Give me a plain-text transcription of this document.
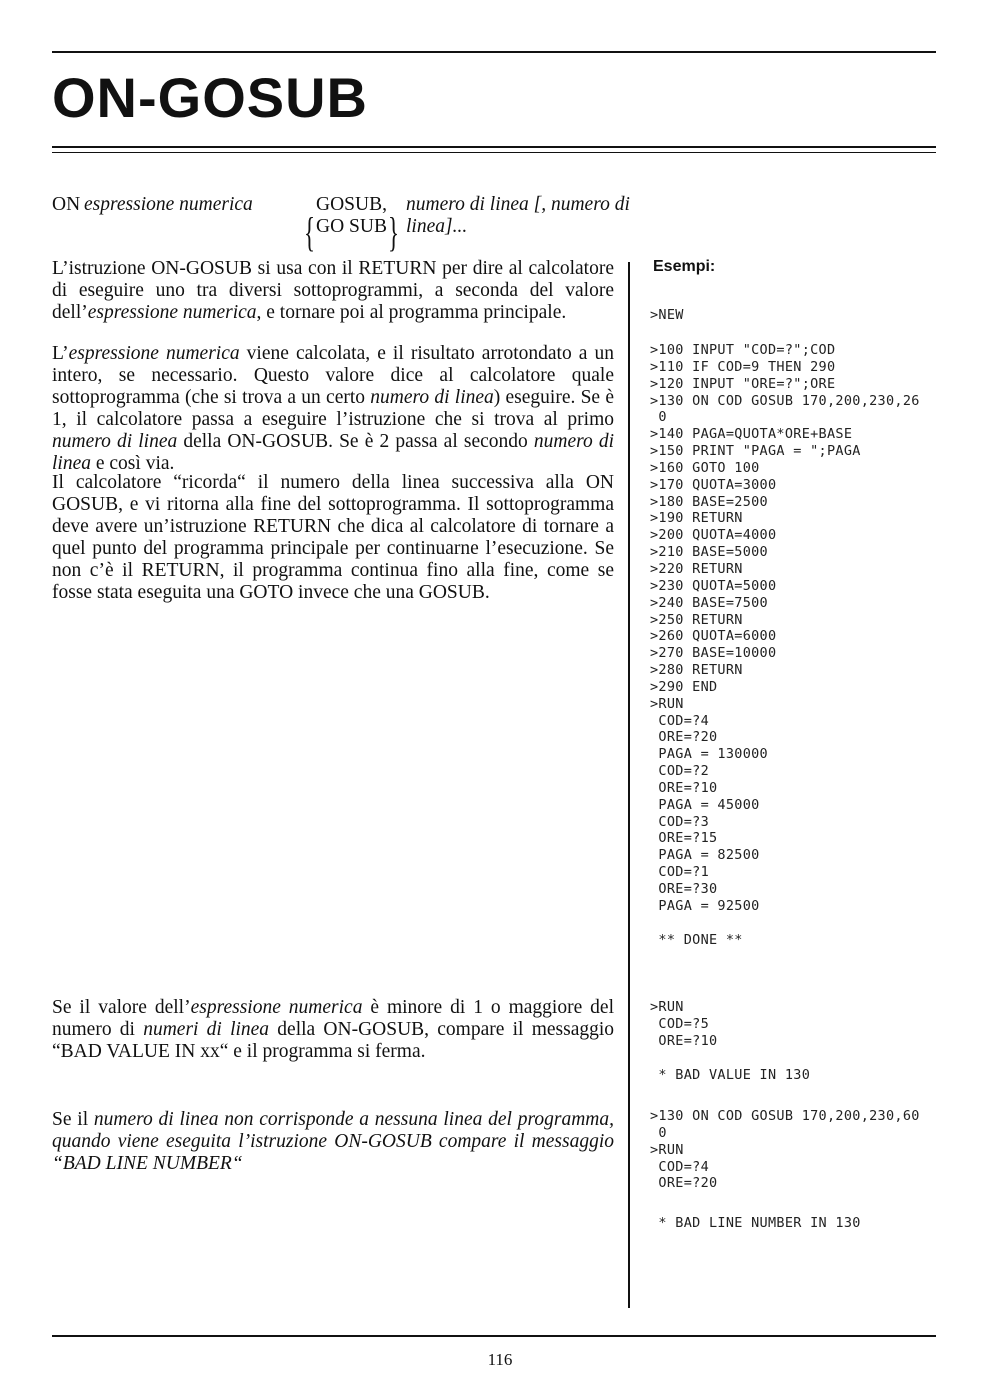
ON-GOSUB
ON espressione numerica
{
GOSUB,
GO SUB }
numero di linea [, numero di linea]...

L’istruzione ON-GOSUB si usa con il RETURN per dire al calcolatore di eseguire uno tra diversi sottoprogrammi, a seconda del valore dell’espressione numerica, e tornare poi al programma principale.

L’espressione numerica viene calcolata, e il risultato arrotondato a un intero, se necessario. Questo valore dice al calcolatore quale sottoprogramma (che si trova a un certo numero di linea) eseguire. Se è 1, il calcolatore passa a eseguire l’istruzione che si trova al primo numero di linea della ON-GOSUB. Se è 2 passa al secondo numero di linea e così via.

Il calcolatore “ricorda“ il numero della linea successiva alla ON GOSUB, e vi ritorna alla fine del sottoprogramma. Il sottoprogramma deve avere un’istruzione RETURN che dica al calcolatore di tornare a quel punto del programma principale per continuarne l’esecuzione. Se non c’è il RETURN, il programma continua fino alla fine, come se fosse stata eseguita una GOTO invece che una GOSUB.

Se il valore dell’espressione numerica è minore di 1 o maggiore del numero di numeri di linea della ON-GOSUB, compare il messaggio “BAD VALUE IN xx“ e il programma si ferma.

Se il numero di linea non corrisponde a nessuna linea del programma, quando viene eseguita l’istruzione ON-GOSUB compare il messaggio “BAD LINE NUMBER“

Esempi:
>NEW
>100 INPUT "COD=?";COD
>110 IF COD=9 THEN 290
>120 INPUT "ORE=?";ORE
>130 ON COD GOSUB 170,200,230,26
0
>140 PAGA=QUOTA*ORE+BASE
>150 PRINT "PAGA = ";PAGA
>160 GOTO 100
>170 QUOTA=3000
>180 BASE=2500
>190 RETURN
>200 QUOTA=4000
>210 BASE=5000
>220 RETURN
>230 QUOTA=5000
>240 BASE=7500
>250 RETURN
>260 QUOTA=6000
>270 BASE=10000
>280 RETURN
>290 END
>RUN
COD=?4
ORE=?20
PAGA = 130000
COD=?2
ORE=?10
PAGA = 45000
COD=?3
ORE=?15
PAGA = 82500
COD=?1
ORE=?30
PAGA = 92500
** DONE **
>RUN
COD=?5
ORE=?10
* BAD VALUE IN 130
>130 ON COD GOSUB 170,200,230,60
0
>RUN
COD=?4
ORE=?20
* BAD LINE NUMBER IN 130
116
